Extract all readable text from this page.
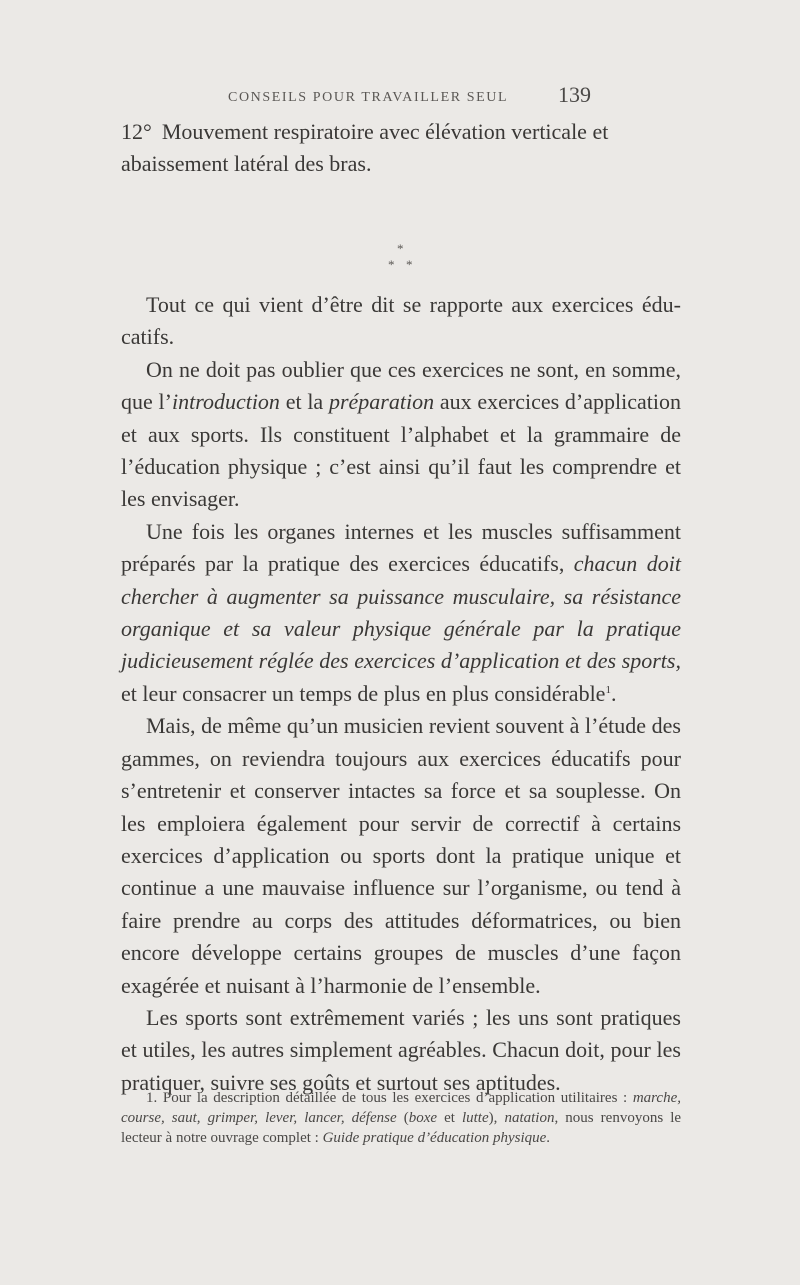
CONSEILS POUR TRAVAILLER SEUL 139

12° Mouvement respiratoire avec élévation verticale et

abaissement latéral des bras.

*
* *

Tout ce qui vient d’être dit se rapporte aux exercices éducatifs.

On ne doit pas oublier que ces exercices ne sont, en somme, que l’introduction et la préparation aux exercices d’application et aux sports. Ils constituent l’alphabet et la grammaire de l’éducation physique ; c’est ainsi qu’il faut les comprendre et les envisager.

Une fois les organes internes et les muscles suffisamment préparés par la pratique des exercices éducatifs, chacun doit chercher à augmenter sa puissance musculaire, sa résistance organique et sa valeur physique générale par la pratique judicieusement réglée des exercices d’application et des sports, et leur consacrer un temps de plus en plus considérable$^1$.

Mais, de même qu’un musicien revient souvent à l’étude des gammes, on reviendra toujours aux exercices éducatifs pour s’entretenir et conserver intactes sa force et sa souplesse. On les emploiera également pour servir de correctif à certains exercices d’application ou sports dont la pratique unique et continue a une mauvaise influence sur l’organisme, ou tend à faire prendre au corps des attitudes déformatrices, ou bien encore développe certains groupes de muscles d’une façon exagérée et nuisant à l’harmonie de l’ensemble.

Les sports sont extrêmement variés ; les uns sont pratiques et utiles, les autres simplement agréables. Chacun doit, pour les pratiquer, suivre ses goûts et surtout ses aptitudes.

1. Pour la description détaillée de tous les exercices d’application utilitaires : marche, course, saut, grimper, lever, lancer, défense (boxe et lutte), natation, nous renvoyons le lecteur à notre ouvrage complet : Guide pratique d’éducation physique.
